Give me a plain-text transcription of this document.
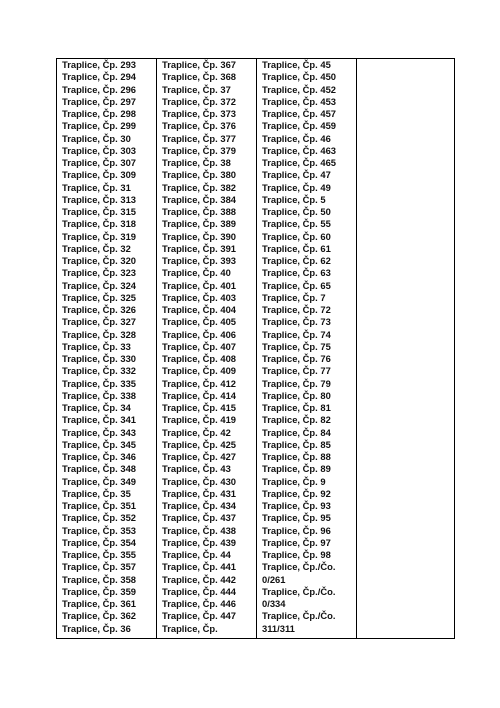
Traplice, Čp. 293
Traplice, Čp. 294
Traplice, Čp. 296
Traplice, Čp. 297
Traplice, Čp. 298
Traplice, Čp. 299
Traplice, Čp. 30
Traplice, Čp. 303
Traplice, Čp. 307
Traplice, Čp. 309
Traplice, Čp. 31
Traplice, Čp. 313
Traplice, Čp. 315
Traplice, Čp. 318
Traplice, Čp. 319
Traplice, Čp. 32
Traplice, Čp. 320
Traplice, Čp. 323
Traplice, Čp. 324
Traplice, Čp. 325
Traplice, Čp. 326
Traplice, Čp. 327
Traplice, Čp. 328
Traplice, Čp. 33
Traplice, Čp. 330
Traplice, Čp. 332
Traplice, Čp. 335
Traplice, Čp. 338
Traplice, Čp. 34
Traplice, Čp. 341
Traplice, Čp. 343
Traplice, Čp. 345
Traplice, Čp. 346
Traplice, Čp. 348
Traplice, Čp. 349
Traplice, Čp. 35
Traplice, Čp. 351
Traplice, Čp. 352
Traplice, Čp. 353
Traplice, Čp. 354
Traplice, Čp. 355
Traplice, Čp. 357
Traplice, Čp. 358
Traplice, Čp. 359
Traplice, Čp. 361
Traplice, Čp. 362
Traplice, Čp. 36

Traplice, Čp. 367
Traplice, Čp. 368
Traplice, Čp. 37
Traplice, Čp. 372
Traplice, Čp. 373
Traplice, Čp. 376
Traplice, Čp. 377
Traplice, Čp. 379
Traplice, Čp. 38
Traplice, Čp. 380
Traplice, Čp. 382
Traplice, Čp. 384
Traplice, Čp. 388
Traplice, Čp. 389
Traplice, Čp. 390
Traplice, Čp. 391
Traplice, Čp. 393
Traplice, Čp. 40
Traplice, Čp. 401
Traplice, Čp. 403
Traplice, Čp. 404
Traplice, Čp. 405
Traplice, Čp. 406
Traplice, Čp. 407
Traplice, Čp. 408
Traplice, Čp. 409
Traplice, Čp. 412
Traplice, Čp. 414
Traplice, Čp. 415
Traplice, Čp. 419
Traplice, Čp. 42
Traplice, Čp. 425
Traplice, Čp. 427
Traplice, Čp. 43
Traplice, Čp. 430
Traplice, Čp. 431
Traplice, Čp. 434
Traplice, Čp. 437
Traplice, Čp. 438
Traplice, Čp. 439
Traplice, Čp. 44
Traplice, Čp. 441
Traplice, Čp. 442
Traplice, Čp. 444
Traplice, Čp. 446
Traplice, Čp. 447
Traplice, Čp.

Traplice, Čp. 45
Traplice, Čp. 450
Traplice, Čp. 452
Traplice, Čp. 453
Traplice, Čp. 457
Traplice, Čp. 459
Traplice, Čp. 46
Traplice, Čp. 463
Traplice, Čp. 465
Traplice, Čp. 47
Traplice, Čp. 49
Traplice, Čp. 5
Traplice, Čp. 50
Traplice, Čp. 55
Traplice, Čp. 60
Traplice, Čp. 61
Traplice, Čp. 62
Traplice, Čp. 63
Traplice, Čp. 65
Traplice, Čp. 7
Traplice, Čp. 72
Traplice, Čp. 73
Traplice, Čp. 74
Traplice, Čp. 75
Traplice, Čp. 76
Traplice, Čp. 77
Traplice, Čp. 79
Traplice, Čp. 80
Traplice, Čp. 81
Traplice, Čp. 82
Traplice, Čp. 84
Traplice, Čp. 85
Traplice, Čp. 88
Traplice, Čp. 89
Traplice, Čp. 9
Traplice, Čp. 92
Traplice, Čp. 93
Traplice, Čp. 95
Traplice, Čp. 96
Traplice, Čp. 97
Traplice, Čp. 98
Traplice, Čp./Čo.
0/261
Traplice, Čp./Čo.
0/334
Traplice, Čp./Čo.
311/311
